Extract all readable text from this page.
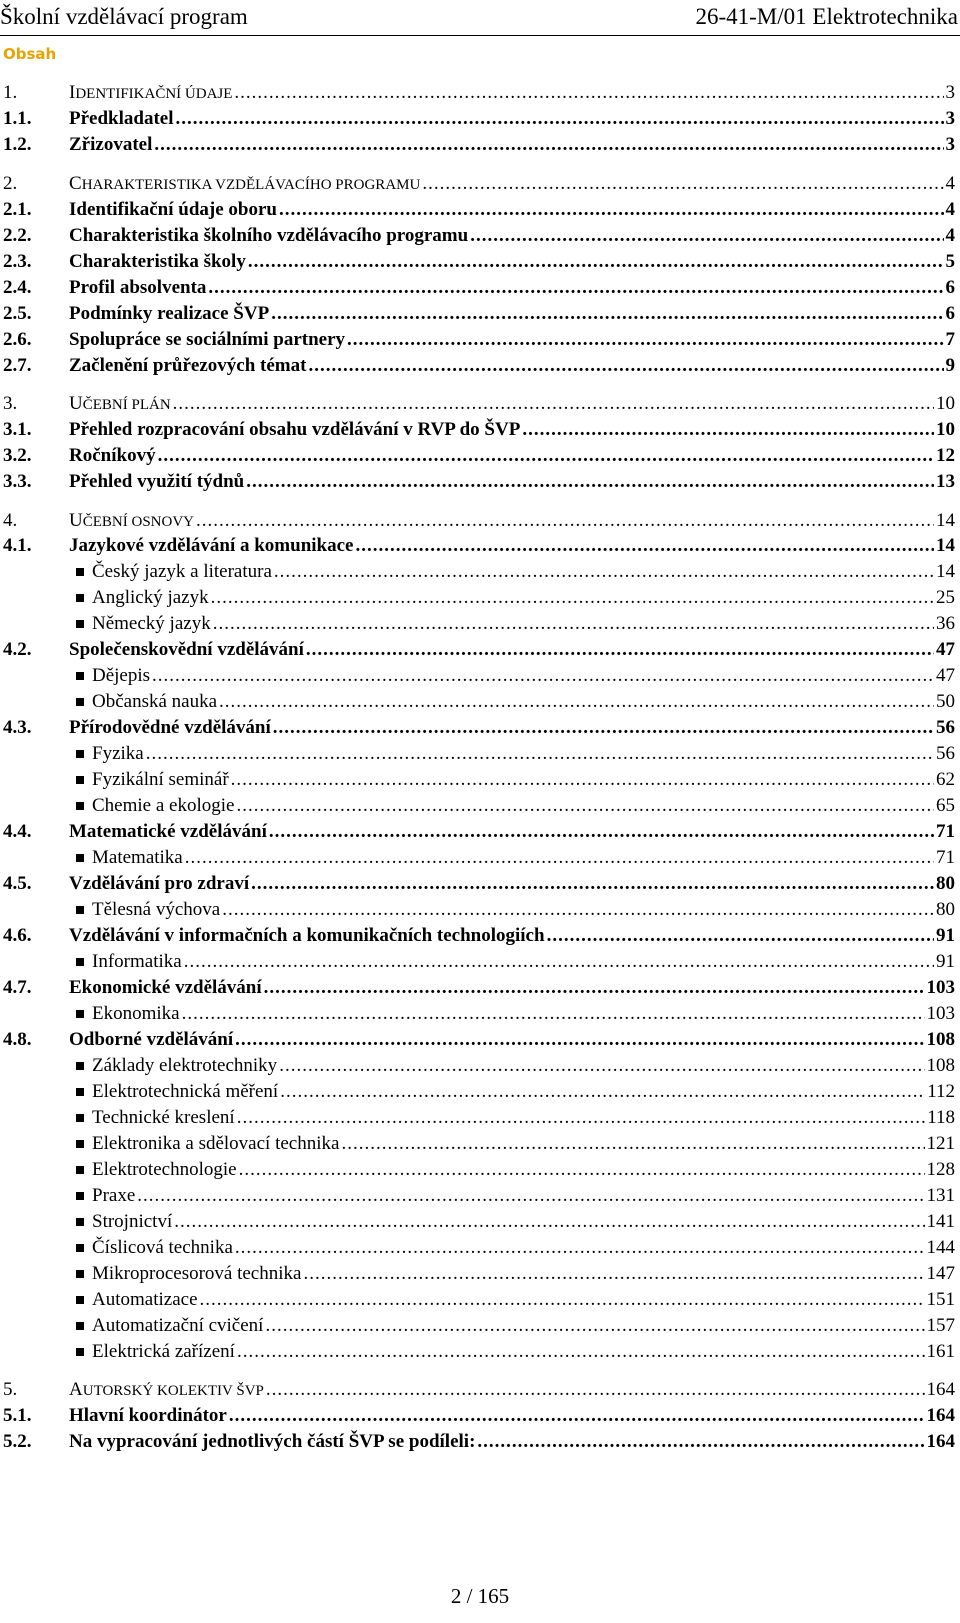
Školní vzdělávací program	26-41-M/01 Elektrotechnika
Obsah
1.	IDENTIFIKAČNÍ ÚDAJE .....	3
1.1. Předkladatel .....	3
1.2. Zřizovatel .....	3
2.	CHARAKTERISTIKA VZDĚLÁVACÍHO PROGRAMU .....	4
2.1. Identifikační údaje oboru .....	4
2.2. Charakteristika školního vzdělávacího programu .....	4
2.3. Charakteristika školy .....	5
2.4. Profil absolventa .....	6
2.5. Podmínky realizace ŠVP .....	6
2.6. Spolupráce se sociálními partnery .....	7
2.7. Začlenění průřezových témat .....	9
3.	UČEBNÍ PLÁN .....	10
3.1. Přehled rozpracování obsahu vzdělávání v RVP do ŠVP .....	10
3.2. Ročníkový .....	12
3.3. Přehled využití týdnů .....	13
4.	UČEBNÍ OSNOVY .....	14
4.1. Jazykové vzdělávání a komunikace .....	14
Český jazyk a literatura .....	14
Anglický jazyk .....	25
Německý jazyk .....	36
4.2. Společenskovědní vzdělávání .....	47
Dějepis .....	47
Občanská nauka .....	50
4.3. Přírodovědné vzdělávání .....	56
Fyzika .....	56
Fyzikální seminář .....	62
Chemie a ekologie .....	65
4.4. Matematické vzdělávání .....	71
Matematika .....	71
4.5. Vzdělávání pro zdraví .....	80
Tělesná výchova .....	80
4.6. Vzdělávání v informačních a komunikačních technologiích .....	91
Informatika .....	91
4.7. Ekonomické vzdělávání .....	103
Ekonomika .....	103
4.8. Odborné vzdělávání .....	108
Základy elektrotechniky .....	108
Elektrotechnická měření .....	112
Technické kreslení .....	118
Elektronika a sdělovací technika .....	121
Elektrotechnologie .....	128
Praxe .....	131
Strojnictví .....	141
Číslicová technika .....	144
Mikroprocesorová technika .....	147
Automatizace .....	151
Automatizační cvičení .....	157
Elektrická zařízení .....	161
5.	AUTORSKÝ KOLEKTIV ŠVP .....	164
5.1. Hlavní koordinátor .....	164
5.2. Na vypracování jednotlivých částí ŠVP se podíleli: .....	164
2 / 165
